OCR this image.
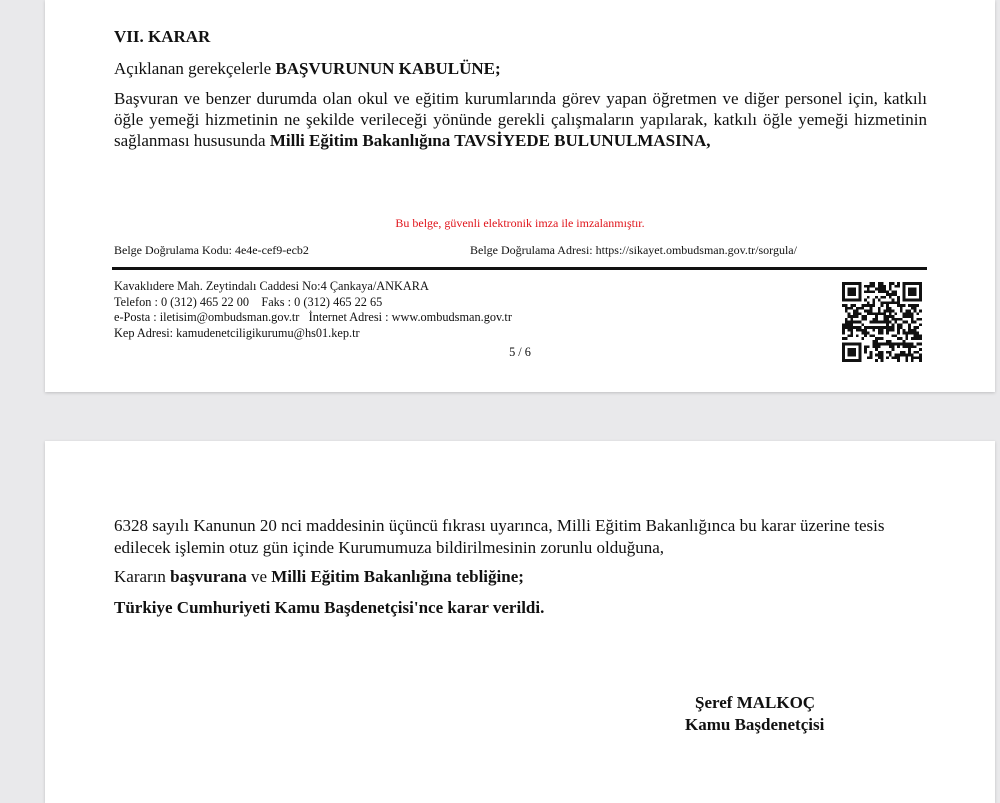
VII. KARAR
Açıklanan gerekçelerle BAŞVURUNUN KABULÜNE;
Başvuran ve benzer durumda olan okul ve eğitim kurumlarında görev yapan öğretmen ve diğer personel için, katkılı öğle yemeği hizmetinin ne şekilde verileceği yönünde gerekli çalışmaların yapılarak, katkılı öğle yemeği hizmetinin sağlanması hususunda Milli Eğitim Bakanlığına TAVSİYEDE BULUNULMASINA,
Bu belge, güvenli elektronik imza ile imzalanmıştır.
Belge Doğrulama Kodu: 4e4e-cef9-ecb2	Belge Doğrulama Adresi: https://sikayet.ombudsman.gov.tr/sorgula/
Kavaklıdere Mah. Zeytindalı Caddesi No:4 Çankaya/ANKARA
Telefon : 0 (312) 465 22 00    Faks : 0 (312) 465 22 65
e-Posta : iletisim@ombudsman.gov.tr   İnternet Adresi : www.ombudsman.gov.tr
Kep Adresi: kamudenetciligikurumu@hs01.kep.tr
5 / 6
6328 sayılı Kanunun 20 nci maddesinin üçüncü fıkrası uyarınca, Milli Eğitim Bakanlığınca bu karar üzerine tesis edilecek işlemin otuz gün içinde Kurumumuza bildirilmesinin zorunlu olduğuna,
Kararın başvurana ve Milli Eğitim Bakanlığına tebliğine;
Türkiye Cumhuriyeti Kamu Başdenetçisi'nce karar verildi.
Şeref MALKOÇ
Kamu Başdenetçisi
